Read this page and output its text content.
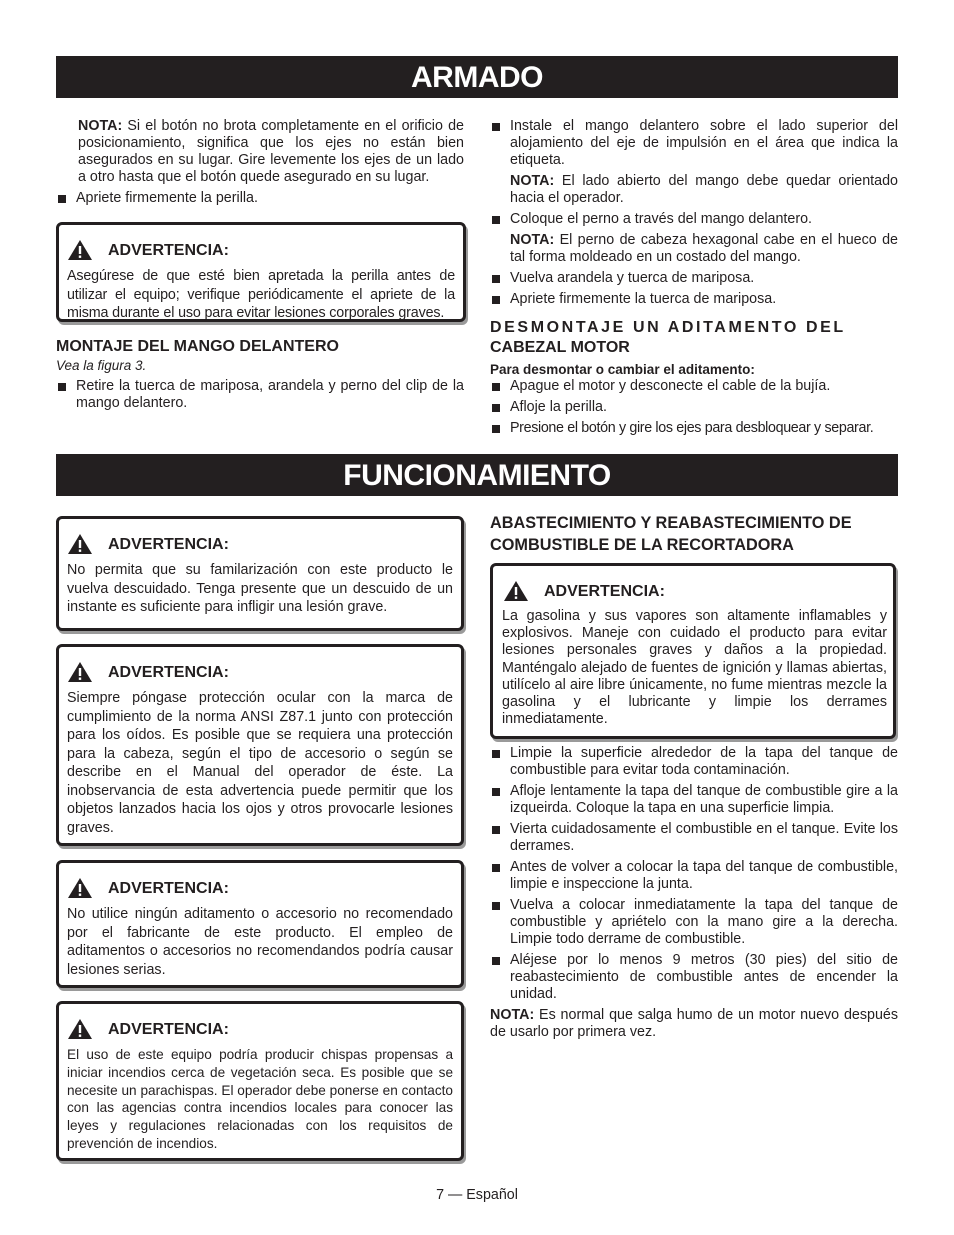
ARMADO

NOTA: Si el botón no brota completamente en el orificio de posicionamiento, significa que los ejes no están bien asegurados en su lugar. Gire levemente los ejes de un lado a otro hasta que el botón quede asegurado en su lugar.

Apriete firmemente la perilla.
ADVERTENCIA:
Asegúrese de que esté bien apretada la perilla antes de utilizar el equipo; verifique periódicamente el apriete de la misma durante el uso para evitar lesiones corporales graves.

MONTAJE DEL MANGO DELANTERO

Vea la figura 3.

Retire la tuerca de mariposa, arandela y perno del clip de la mango delantero.
Instale el mango delantero sobre el lado superior del alojamiento del eje de impulsión en el área que indica la etiqueta.

NOTA: El lado abierto del mango debe quedar orientado hacia el operador.

Coloque el perno a través del mango delantero.

NOTA: El perno de cabeza hexagonal cabe en el hueco de tal forma moldeado en un costado del mango.

Vuelva arandela y tuerca de mariposa.
Apriete firmemente la tuerca de mariposa.

DESMONTAJE UN ADITAMENTO DEL

CABEZAL MOTOR

Para desmontar o cambiar el aditamento:

Apague el motor y desconecte el cable de la bujía.
Afloje la perilla.
Presione el botón y gire los ejes para desbloquear y separar.
FUNCIONAMIENTO
ADVERTENCIA:
No permita que su familarización con este producto le vuelva descuidado. Tenga presente que un descuido de un instante es suficiente para infligir una lesión grave.
ADVERTENCIA:
Siempre póngase protección ocular con la marca de cumplimiento de la norma ANSI Z87.1 junto con protección para los oídos. Es posible que se requiera una protección para la cabeza, según el tipo de accesorio o según se describe en el Manual del operador de éste. La inobservancia de esta advertencia puede permitir que los objetos lanzados hacia los ojos y otros provocarle lesiones graves.
ADVERTENCIA:
No utilice ningún aditamento o accesorio no recomendado por el fabricante de este producto. El empleo de aditamentos o accesorios no recomendandos podría causar lesiones serias.
ADVERTENCIA:
El uso de este equipo podría producir chispas propensas a iniciar incendios cerca de vegetación seca. Es posible que se necesite un parachispas. El operador debe ponerse en contacto con las agencias contra incendios locales para conocer las leyes y regulaciones relacionadas con los requisitos de prevención de incendios.

ABASTECIMIENTO Y REABASTECIMIENTO DE COMBUSTIBLE DE LA RECORTADORA

ADVERTENCIA:
La gasolina y sus vapores son altamente inflamables y explosivos. Maneje con cuidado el producto para evitar lesiones personales graves y daños a la propiedad. Manténgalo alejado de fuentes de ignición y llamas abiertas, utilícelo al aire libre únicamente, no fume mientras mezcle la gasolina y el lubricante y limpie los derrames inmediatamente.
Limpie la superficie alrededor de la tapa del tanque de combustible para evitar toda contaminación.
Afloje lentamente la tapa del tanque de combustible gire a la izqueirda. Coloque la tapa en una superficie limpia.
Vierta cuidadosamente el combustible en el tanque. Evite los derrames.
Antes de volver a colocar la tapa del tanque de combustible, limpie e inspeccione la junta.
Vuelva a colocar inmediatamente la tapa del tanque de combustible y apriételo con la mano gire a la derecha. Limpie todo derrame de combustible.
Aléjese por lo menos 9 metros (30 pies) del sitio de reabastecimiento de combustible antes de encender la unidad.

NOTA: Es normal que salga humo de un motor nuevo después de usarlo por primera vez.

7 — Español
